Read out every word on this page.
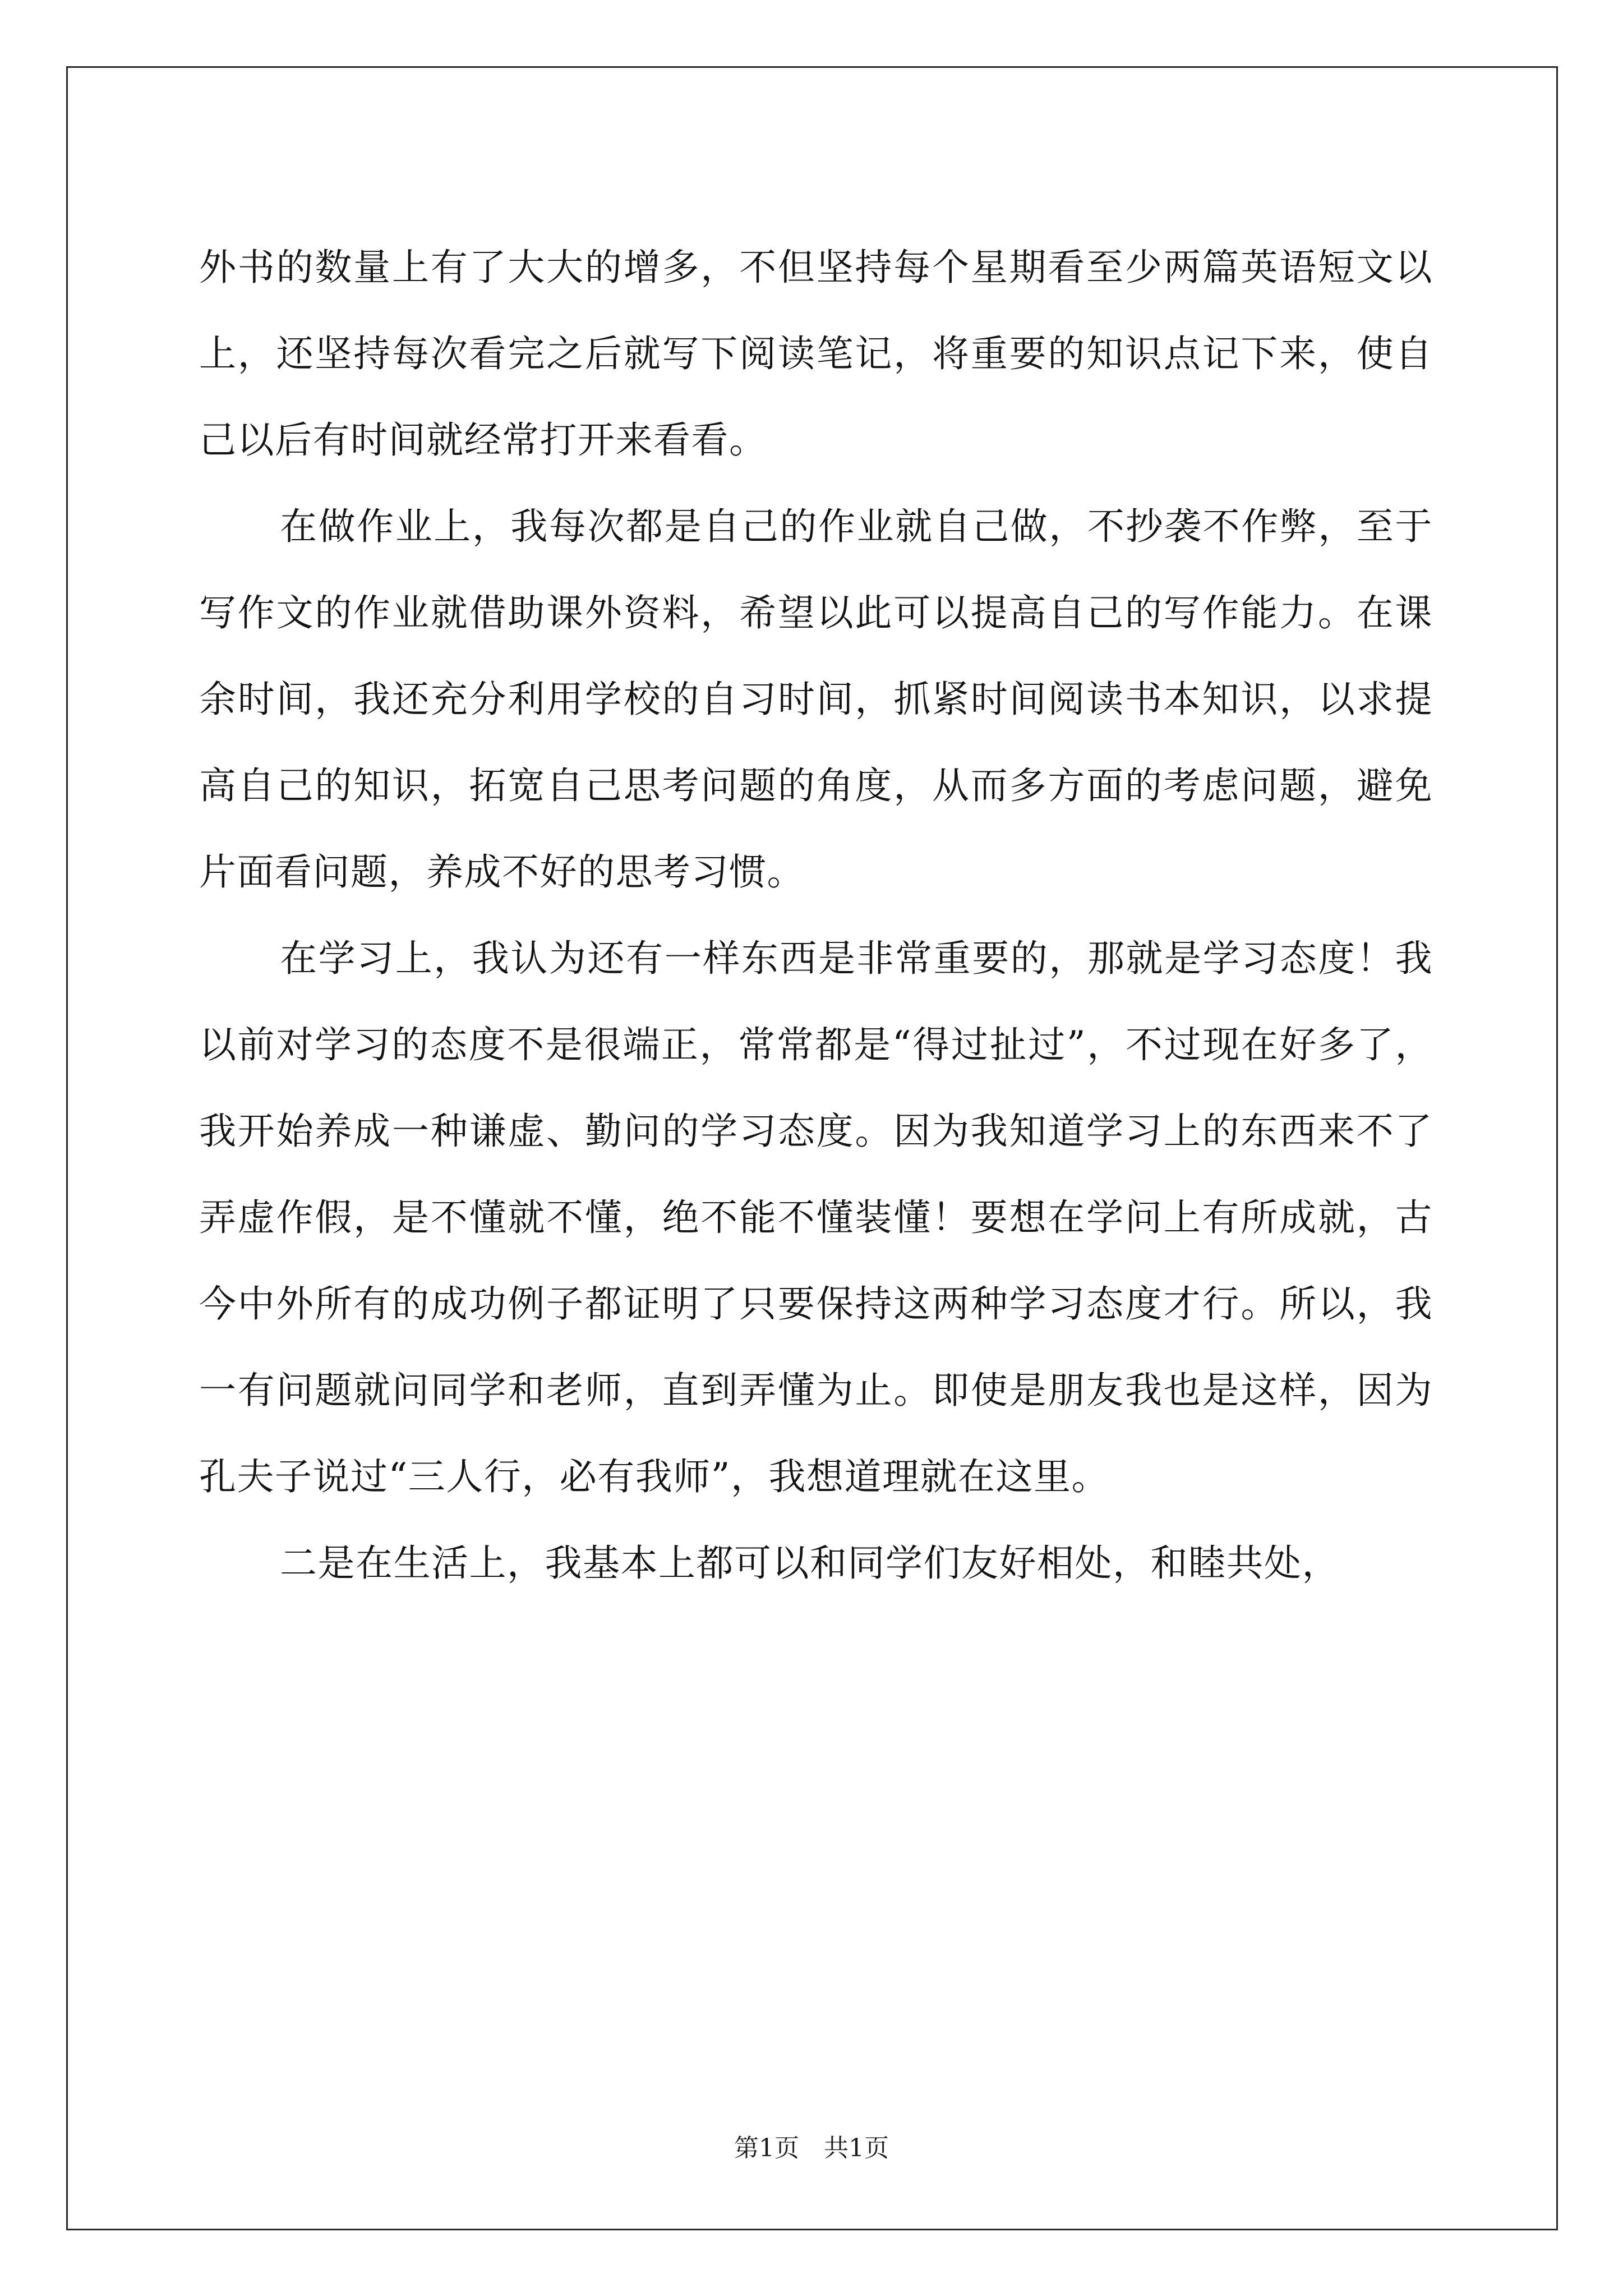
外书的数量上有了大大的增多，不但坚持每个星期看至少两篇英语短文以上，还坚持每次看完之后就写下阅读笔记，将重要的知识点记下来，使自己以后有时间就经常打开来看看。

在做作业上，我每次都是自己的作业就自己做，不抄袭不作弊，至于写作文的作业就借助课外资料，希望以此可以提高自己的写作能力。在课余时间，我还充分利用学校的自习时间，抓紧时间阅读书本知识，以求提高自己的知识，拓宽自己思考问题的角度，从而多方面的考虑问题，避免片面看问题，养成不好的思考习惯。

在学习上，我认为还有一样东西是非常重要的，那就是学习态度！我以前对学习的态度不是很端正，常常都是“得过扯过”，不过现在好多了，我开始养成一种谦虚、勤问的学习态度。因为我知道学习上的东西来不了弄虚作假，是不懂就不懂，绝不能不懂装懂！要想在学问上有所成就，古今中外所有的成功例子都证明了只要保持这两种学习态度才行。所以，我一有问题就问同学和老师，直到弄懂为止。即使是朋友我也是这样，因为孔夫子说过“三人行，必有我师”，我想道理就在这里。

二是在生活上，我基本上都可以和同学们友好相处，和睦共处，

第1页　共1页
